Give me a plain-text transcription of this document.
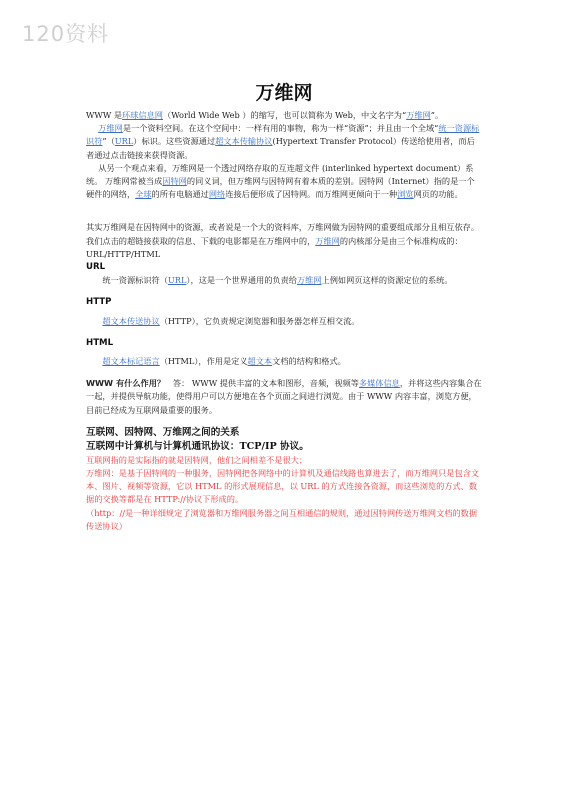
120资料
万维网

WWW 是环球信息网（World Wide Web ）的缩写，也可以简称为 Web，中文名字为“万维网”。

万维网是一个资料空间。在这个空间中：一样有用的事物，称为一样“资源”；并且由一个全域“统一资源标识符”（URL）标识。这些资源通过超文本传输协议(Hypertext Transfer Protocol）传送给使用者，而后者通过点击链接来获得资源。

从另一个观点来看，万维网是一个透过网络存取的互连超文件 (interlinked hypertext document）系统。 万维网常被当成因特网的同义词，但万维网与因特网有着本质的差别。因特网（Internet）指的是一个硬件的网络，全球的所有电脑通过网络连接后便形成了因特网。而万维网更倾向于一种浏览网页的功能。

其实万维网是在因特网中的资源，或者说是一个大的资料库，万维网做为因特网的重要组成部分且相互依存。我们点击的超链接获取的信息、下载的电影都是在万维网中的，万维网的内核部分是由三个标准构成的：URL/HTTP/HTML

URL

统一资源标识符（URL），这是一个世界通用的负责给万维网上例如网页这样的资源定位的系统。

HTTP

超文本传送协议（HTTP），它负责规定浏览器和服务器怎样互相交流。

HTML

超文本标记语言（HTML），作用是定义超文本文档的结构和格式。

WWW 有什么作用？ 答： WWW 提供丰富的文本和图形，音频，视频等多媒体信息，并将这些内容集合在一起，并提供导航功能，使得用户可以方便地在各个页面之间进行浏览。由于 WWW 内容丰富，浏览方便，目前已经成为互联网最重要的服务。

互联网、因特网、万维网之间的关系

互联网中计算机与计算机通讯协议：TCP/IP 协议。

互联网指的是实际指的就是因特网，他们之间相差不是很大；

万维网：是基于因特网的一种服务，因特网把各网络中的计算机及通信线路也算进去了，而万维网只是包含文本、图片、视频等资源，它以 HTML 的形式展现信息，以 URL 的方式连接各资源，而这些浏览的方式、数据的交换等都是在 HTTP://协议下形成的。

（http：//是一种详细规定了浏览器和万维网服务器之间互相通信的规则，通过因特网传送万维网文档的数据传送协议）
